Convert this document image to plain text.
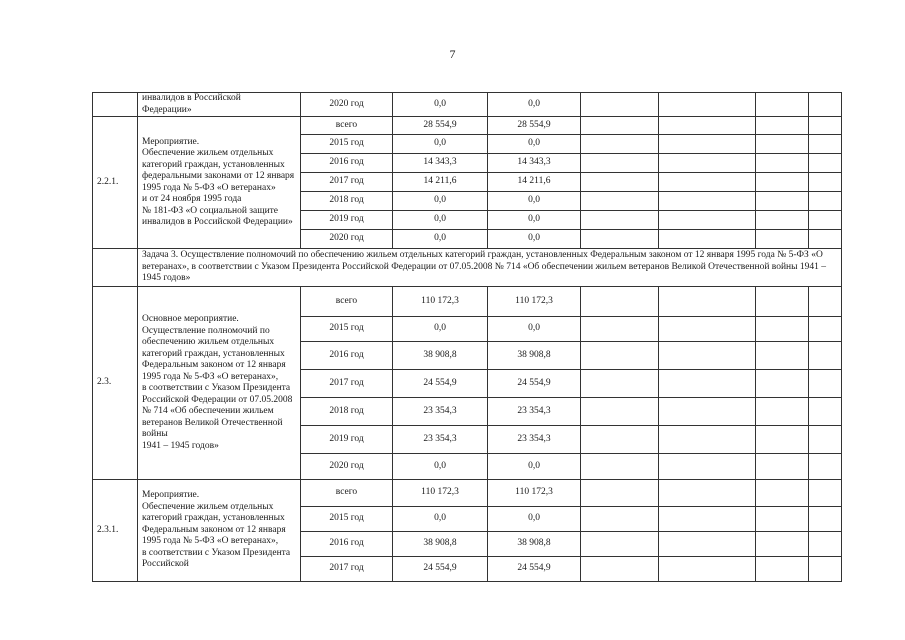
7
	инвалидов в Российской
Федерации»	2020 год	0,0	0,0				
2.2.1.	Мероприятие.
Обеспечение жильем отдельных категорий граждан, установленных федеральными законами от 12 января 1995 года № 5-ФЗ «О ветеранах»
и от 24 ноября 1995 года
№ 181-ФЗ «О социальной защите инвалидов в Российской Федерации»	всего	28 554,9	28 554,9				
		2015 год	0,0	0,0				
		2016 год	14 343,3	14 343,3				
		2017 год	14 211,6	14 211,6				
		2018 год	0,0	0,0				
		2019 год	0,0	0,0				
		2020 год	0,0	0,0				
	Задача 3. Осуществление полномочий по обеспечению жильем отдельных категорий граждан, установленных Федеральным законом от 12 января 1995 года № 5-ФЗ «О ветеранах», в соответствии с Указом Президента Российской Федерации от 07.05.2008 № 714 «Об обеспечении жильем ветеранов Великой Отечественной войны 1941 – 1945 годов»							
2.3.	Основное мероприятие.
Осуществление полномочий по обеспечению жильем отдельных категорий граждан, установленных Федеральным законом от 12 января 1995 года № 5-ФЗ «О ветеранах»,
в соответствии с Указом Президента Российской Федерации от 07.05.2008 № 714 «Об обеспечении жильем ветеранов Великой Отечественной войны
1941 – 1945 годов»	всего	110 172,3	110 172,3				
		2015 год	0,0	0,0				
		2016 год	38 908,8	38 908,8				
		2017 год	24 554,9	24 554,9				
		2018 год	23 354,3	23 354,3				
		2019 год	23 354,3	23 354,3				
		2020 год	0,0	0,0				
2.3.1.	Мероприятие.
Обеспечение жильем отдельных категорий граждан, установленных Федеральным законом от 12 января 1995 года № 5-ФЗ «О ветеранах»,
в соответствии с Указом Президента Российской	всего	110 172,3	110 172,3				
		2015 год	0,0	0,0				
		2016 год	38 908,8	38 908,8				
		2017 год	24 554,9	24 554,9				
